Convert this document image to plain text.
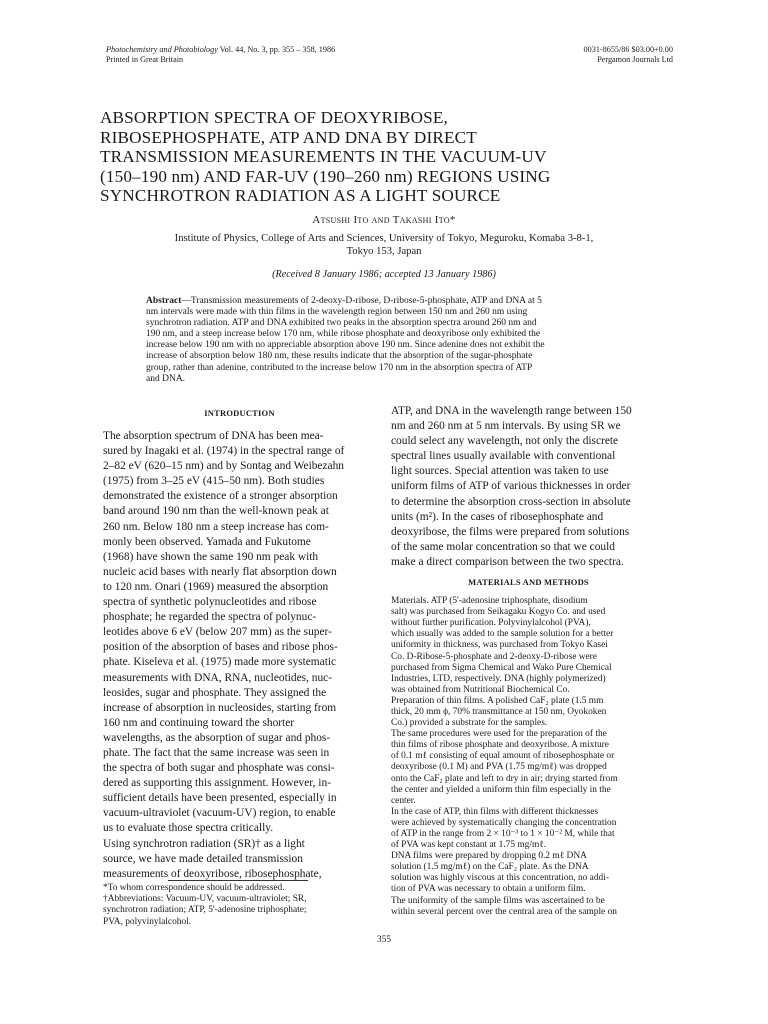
Photochemistry and Photobiology Vol. 44, No. 3, pp. 355 – 358, 1986
Printed in Great Britain
0031-8655/86 $03.00+0.00
Pergamon Journals Ltd
ABSORPTION SPECTRA OF DEOXYRIBOSE,
RIBOSEPHOSPHATE, ATP AND DNA BY DIRECT
TRANSMISSION MEASUREMENTS IN THE VACUUM-UV
(150–190 nm) AND FAR-UV (190–260 nm) REGIONS USING
SYNCHROTRON RADIATION AS A LIGHT SOURCE
Atsushi Ito and Takashi Ito*
Institute of Physics, College of Arts and Sciences, University of Tokyo, Meguroku, Komaba 3-8-1,
Tokyo 153, Japan
(Received 8 January 1986; accepted 13 January 1986)
Abstract—Transmission measurements of 2-deoxy-D-ribose, D-ribose-5-phosphate, ATP and DNA at 5
nm intervals were made with thin films in the wavelength region between 150 nm and 260 nm using
synchrotron radiation. ATP and DNA exhibited two peaks in the absorption spectra around 260 nm and
190 nm, and a steep increase below 170 nm, while ribose phosphate and deoxyribose only exhibited the
increase below 190 nm with no appreciable absorption above 190 nm. Since adenine does not exhibit the
increase of absorption below 180 nm, these results indicate that the absorption of the sugar-phosphate
group, rather than adenine, contributed to the increase below 170 nm in the absorption spectra of ATP
and DNA.

INTRODUCTION

The absorption spectrum of DNA has been mea-
sured by Inagaki et al. (1974) in the spectral range of
2–82 eV (620–15 nm) and by Sontag and Weibezahn
(1975) from 3–25 eV (415–50 nm). Both studies
demonstrated the existence of a stronger absorption
band around 190 nm than the well-known peak at
260 nm. Below 180 nm a steep increase has com-
monly been observed. Yamada and Fukutome
(1968) have shown the same 190 nm peak with
nucleic acid bases with nearly flat absorption down
to 120 nm. Onari (1969) measured the absorption
spectra of synthetic polynucleotides and ribose
phosphate; he regarded the spectra of polynuc-
leotides above 6 eV (below 207 mm) as the super-
position of the absorption of bases and ribose phos-
phate. Kiseleva et al. (1975) made more systematic
measurements with DNA, RNA, nucleotides, nuc-
leosides, sugar and phosphate. They assigned the
increase of absorption in nucleosides, starting from
160 nm and continuing toward the shorter
wavelengths, as the absorption of sugar and phos-
phate. The fact that the same increase was seen in
the spectra of both sugar and phosphate was consi-
dered as supporting this assignment. However, in-
sufficient details have been presented, especially in
vacuum-ultraviolet (vacuum-UV) region, to enable
us to evaluate those spectra critically.
Using synchrotron radiation (SR)† as a light
source, we have made detailed transmission
measurements of deoxyribose, ribosephosphate,
ATP, and DNA in the wavelength range between 150
nm and 260 nm at 5 nm intervals. By using SR we
could select any wavelength, not only the discrete
spectral lines usually available with conventional
light sources. Special attention was taken to use
uniform films of ATP of various thicknesses in order
to determine the absorption cross-section in absolute
units (m²). In the cases of ribosephosphate and
deoxyribose, the films were prepared from solutions
of the same molar concentration so that we could
make a direct comparison between the two spectra.

MATERIALS AND METHODS

Materials. ATP (5'-adenosine triphosphate, disodium
salt) was purchased from Seikagaku Kogyo Co. and used
without further purification. Polyvinylalcohol (PVA),
which usually was added to the sample solution for a better
uniformity in thickness, was purchased from Tokyo Kasei
Co. D-Ribose-5-phosphate and 2-deoxy-D-ribose were
purchased from Sigma Chemical and Wako Pure Chemical
Industries, LTD, respectively. DNA (highly polymerized)
was obtained from Nutritional Biochemical Co.
Preparation of thin films. A polished CaF₂ plate (1.5 mm
thick, 20 mm ϕ, 70% transmittance at 150 nm, Oyokoken
Co.) provided a substrate for the samples.
The same procedures were used for the preparation of the
thin films of ribose phosphate and deoxyribose. A mixture
of 0.1 mℓ consisting of equal amount of ribosephosphate or
deoxyribose (0.1 M) and PVA (1.75 mg/mℓ) was dropped
onto the CaF₂ plate and left to dry in air; drying started from
the center and yielded a uniform thin film especially in the
center.
In the case of ATP, thin films with different thicknesses
were achieved by systematically changing the concentration
of ATP in the range from 2 × 10⁻³ to 1 × 10⁻² M, while that
of PVA was kept constant at 1.75 mg/mℓ.
DNA films were prepared by dropping 0.2 mℓ DNA
solution (1.5 mg/mℓ) on the CaF₂ plate. As the DNA
solution was highly viscous at this concentration, no addi-
tion of PVA was necessary to obtain a uniform film.
The uniformity of the sample films was ascertained to be
within several percent over the central area of the sample on
*To whom correspondence should be addressed.
†Abbreviations: Vacuum-UV, vacuum-ultraviolet; SR,
synchrotron radiation; ATP, 5'-adenosine triphosphate;
PVA, polyvinylalcohol.
355
